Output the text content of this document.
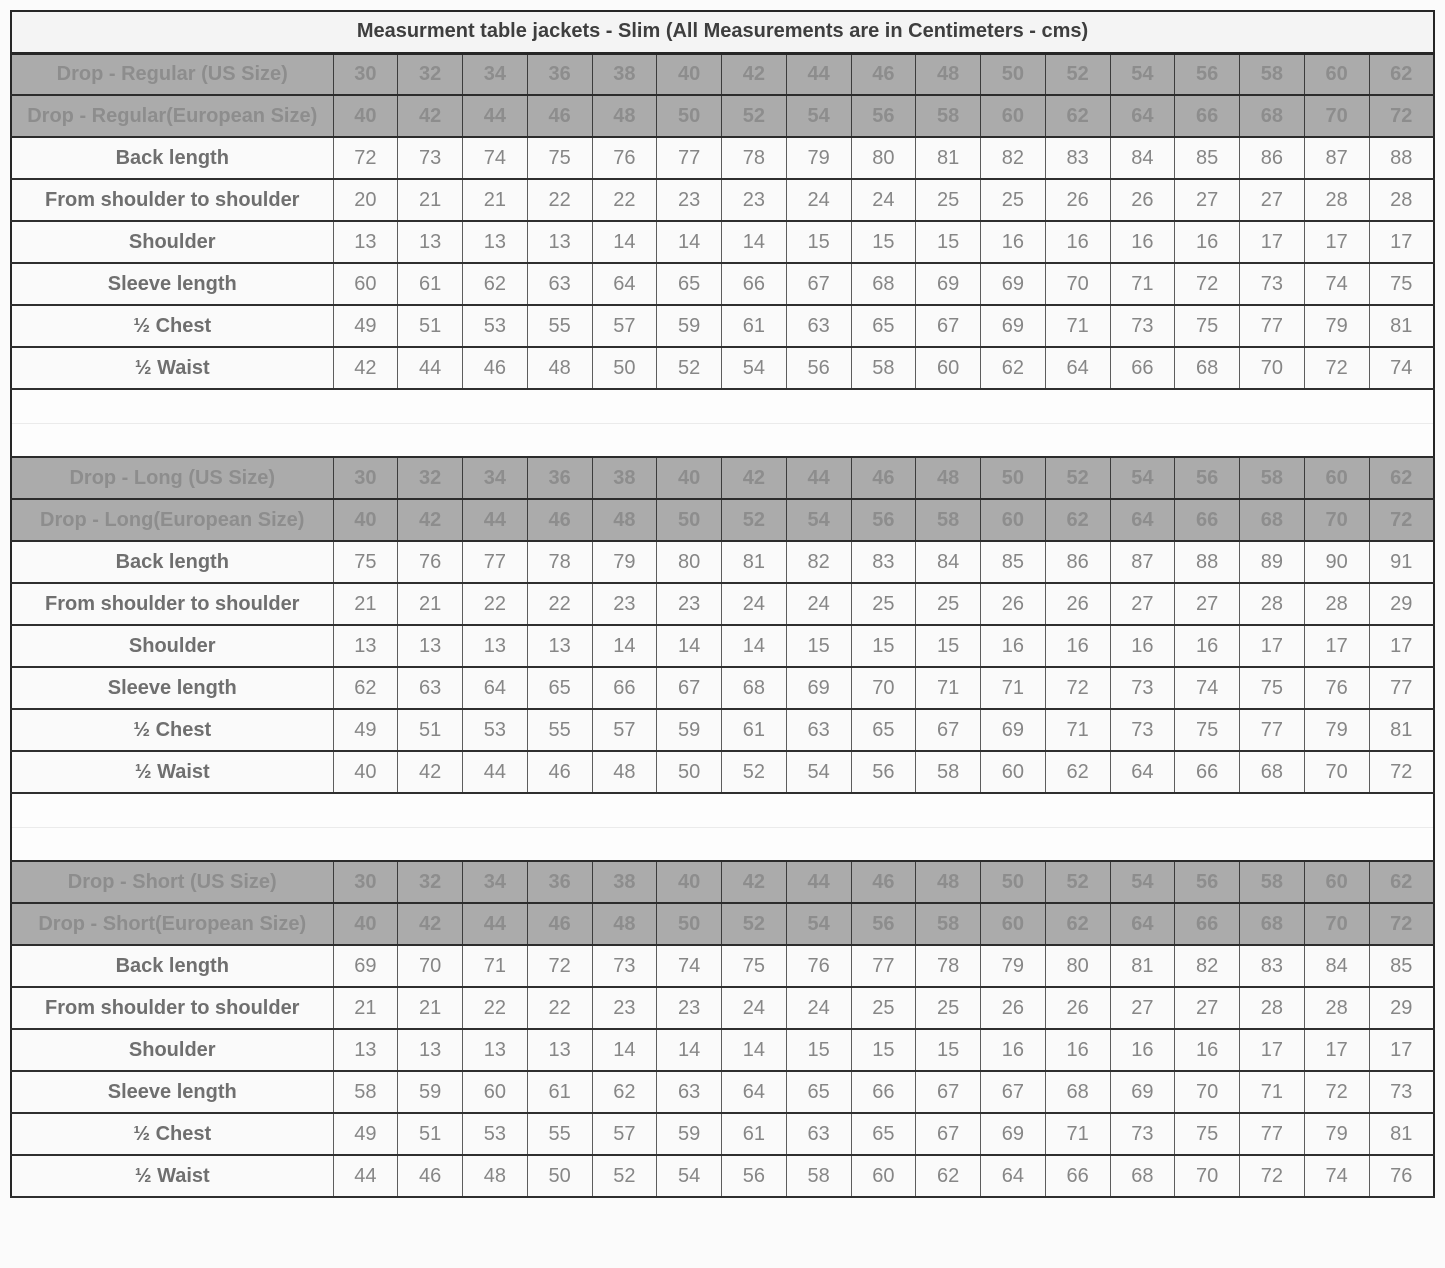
Measurment table jackets - Slim (All Measurements are in Centimeters - cms)																	
Drop - Regular (US Size)	30	32	34	36	38	40	42	44	46	48	50	52	54	56	58	60	62
Drop - Regular(European Size)	40	42	44	46	48	50	52	54	56	58	60	62	64	66	68	70	72
Back length	72	73	74	75	76	77	78	79	80	81	82	83	84	85	86	87	88
From shoulder to shoulder	20	21	21	22	22	23	23	24	24	25	25	26	26	27	27	28	28
Shoulder	13	13	13	13	14	14	14	15	15	15	16	16	16	16	17	17	17
Sleeve length	60	61	62	63	64	65	66	67	68	69	69	70	71	72	73	74	75
½ Chest	49	51	53	55	57	59	61	63	65	67	69	71	73	75	77	79	81
½ Waist	42	44	46	48	50	52	54	56	58	60	62	64	66	68	70	72	74

Drop - Long (US Size)	30	32	34	36	38	40	42	44	46	48	50	52	54	56	58	60	62
Drop - Long(European Size)	40	42	44	46	48	50	52	54	56	58	60	62	64	66	68	70	72
Back length	75	76	77	78	79	80	81	82	83	84	85	86	87	88	89	90	91
From shoulder to shoulder	21	21	22	22	23	23	24	24	25	25	26	26	27	27	28	28	29
Shoulder	13	13	13	13	14	14	14	15	15	15	16	16	16	16	17	17	17
Sleeve length	62	63	64	65	66	67	68	69	70	71	71	72	73	74	75	76	77
½ Chest	49	51	53	55	57	59	61	63	65	67	69	71	73	75	77	79	81
½ Waist	40	42	44	46	48	50	52	54	56	58	60	62	64	66	68	70	72

Drop - Short (US Size)	30	32	34	36	38	40	42	44	46	48	50	52	54	56	58	60	62
Drop - Short(European Size)	40	42	44	46	48	50	52	54	56	58	60	62	64	66	68	70	72
Back length	69	70	71	72	73	74	75	76	77	78	79	80	81	82	83	84	85
From shoulder to shoulder	21	21	22	22	23	23	24	24	25	25	26	26	27	27	28	28	29
Shoulder	13	13	13	13	14	14	14	15	15	15	16	16	16	16	17	17	17
Sleeve length	58	59	60	61	62	63	64	65	66	67	67	68	69	70	71	72	73
½ Chest	49	51	53	55	57	59	61	63	65	67	69	71	73	75	77	79	81
½ Waist	44	46	48	50	52	54	56	58	60	62	64	66	68	70	72	74	76
